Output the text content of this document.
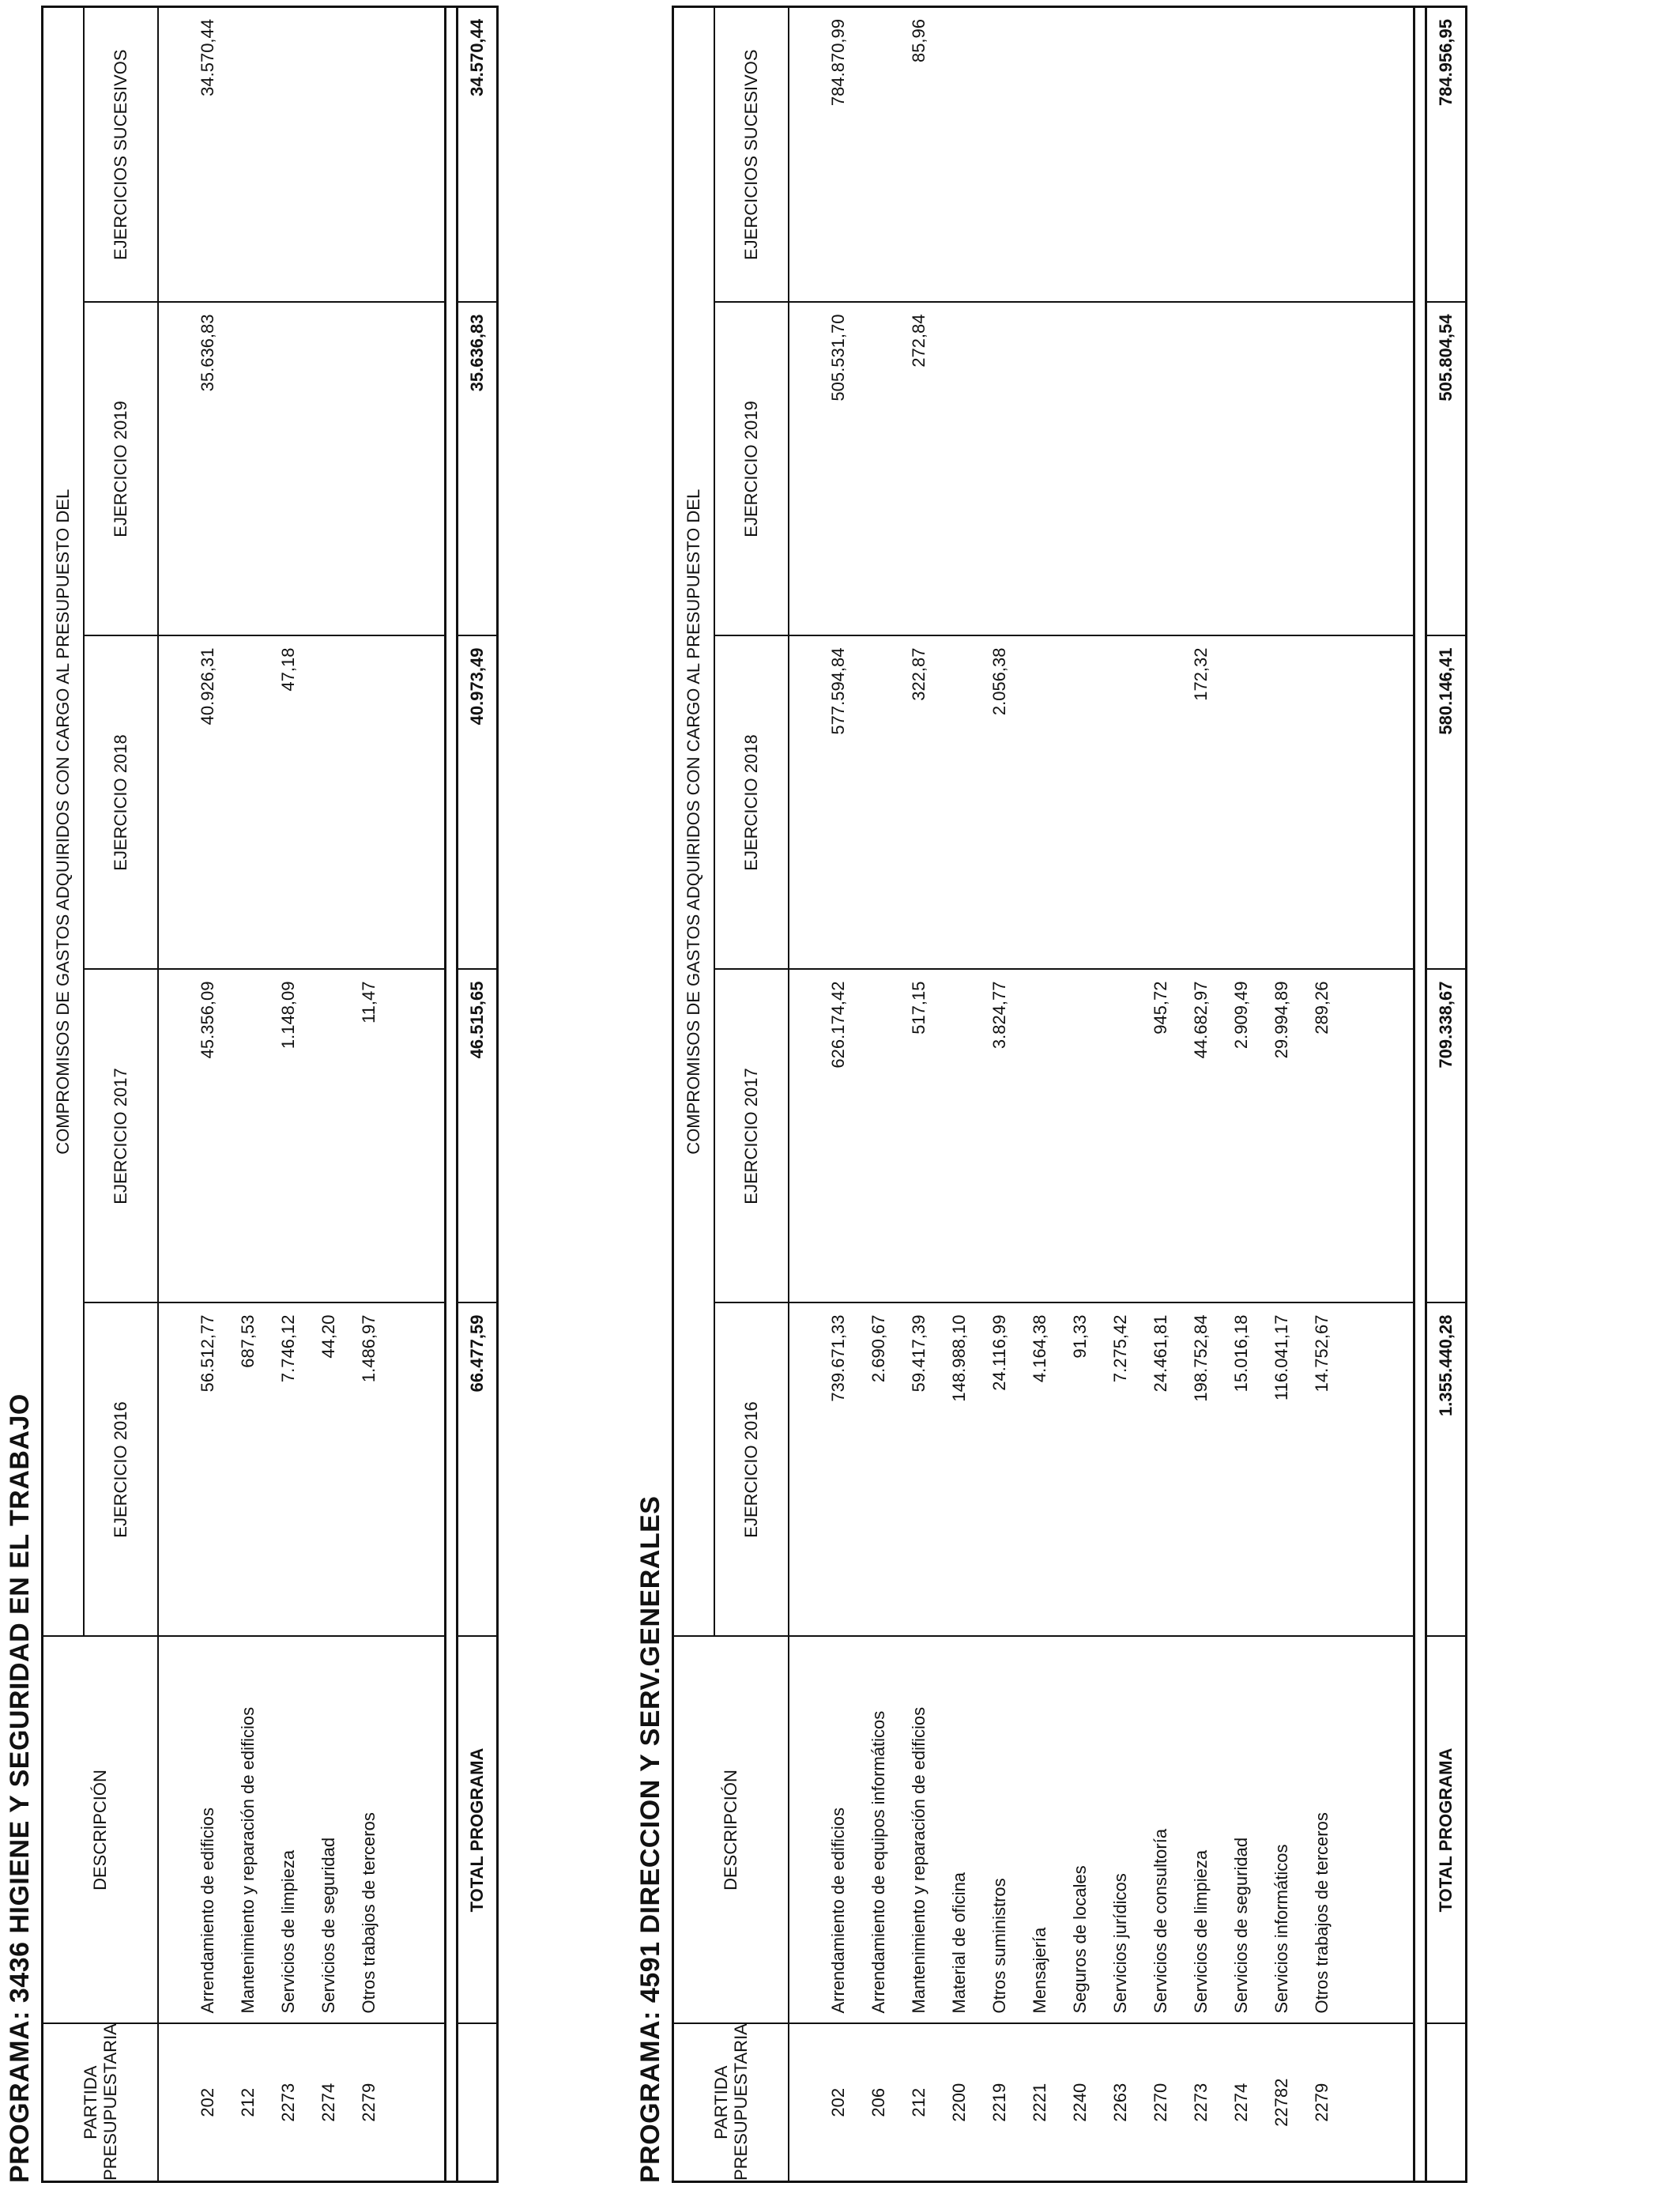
PROGRAMA: 3436 HIGIENE Y SEGURIDAD EN EL TRABAJO	PARTIDA PRESUPUESTARIA	DESCRIPCIÓN	COMPROMISOS DE GASTOS ADQUIRIDOS CON CARGO AL PRESUPUESTO DEL				
		EJERCICIO 2016	EJERCICIO 2017	EJERCICIO 2018	EJERCICIO 2019	EJERCICIOS SUCESIVOS
202	Arrendamiento de edificios	56.512,77	45.356,09	40.926,31	35.636,83	34.570,44
212	Mantenimiento y reparación de edificios	687,53				
2273	Servicios de limpieza	7.746,12	1.148,09	47,18		
2274	Servicios de seguridad	44,20				
2279	Otros trabajos de terceros	1.486,97	11,47			

	TOTAL PROGRAMA	66.477,59	46.515,65	40.973,49	35.636,83	34.570,44
PROGRAMA: 4591 DIRECCION Y SERV.GENERALES	PARTIDA PRESUPUESTARIA	DESCRIPCIÓN	COMPROMISOS DE GASTOS ADQUIRIDOS CON CARGO AL PRESUPUESTO DEL				
		EJERCICIO 2016	EJERCICIO 2017	EJERCICIO 2018	EJERCICIO 2019	EJERCICIOS SUCESIVOS
202	Arrendamiento de edificios	739.671,33	626.174,42	577.594,84	505.531,70	784.870,99
206	Arrendamiento de equipos informáticos	2.690,67				
212	Mantenimiento y reparación de edificios	59.417,39	517,15	322,87	272,84	85,96
2200	Material de oficina	148.988,10				
2219	Otros suministros	24.116,99	3.824,77	2.056,38		
2221	Mensajería	4.164,38				
2240	Seguros de locales	91,33				
2263	Servicios jurídicos	7.275,42				
2270	Servicios de consultoría	24.461,81	945,72			
2273	Servicios de limpieza	198.752,84	44.682,97	172,32		
2274	Servicios de seguridad	15.016,18	2.909,49			
22782	Servicios informáticos	116.041,17	29.994,89			
2279	Otros trabajos de terceros	14.752,67	289,26			

	TOTAL PROGRAMA	1.355.440,28	709.338,67	580.146,41	505.804,54	784.956,95
